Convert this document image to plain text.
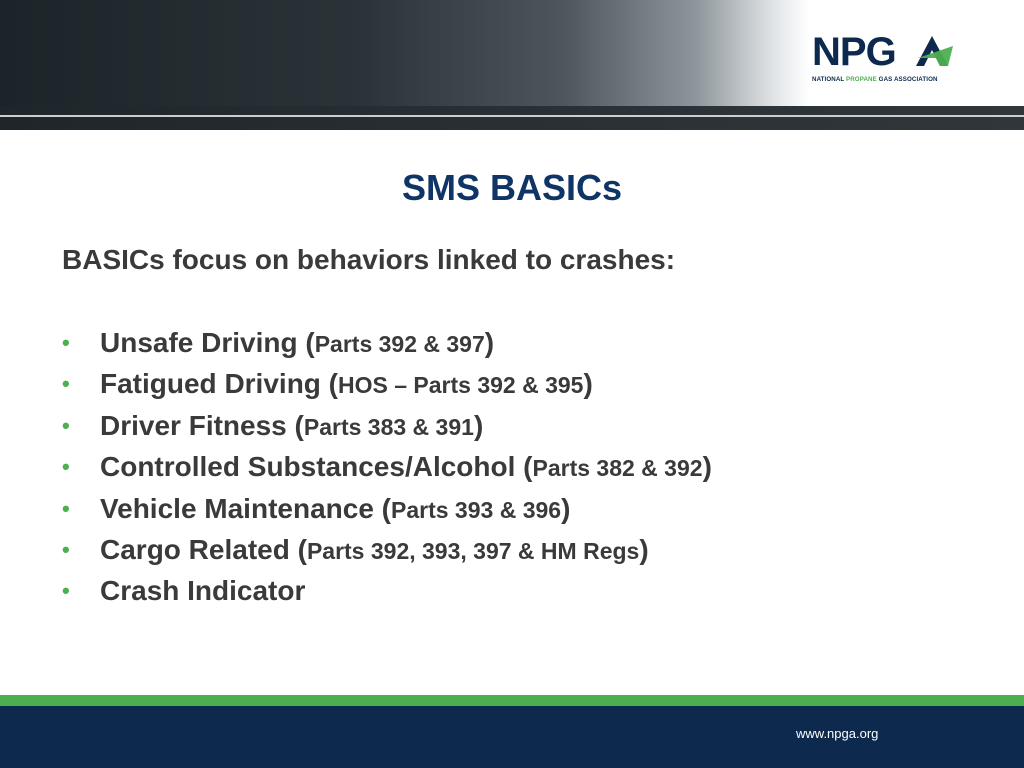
NPG
NATIONAL PROPANE GAS ASSOCIATION
SMS BASICs
BASICs focus on behaviors linked to crashes:
• Unsafe Driving (Parts 392 & 397)
• Fatigued Driving (HOS – Parts 392 & 395)
• Driver Fitness (Parts 383 & 391)
• Controlled Substances/Alcohol (Parts 382 & 392)
• Vehicle Maintenance (Parts 393 & 396)
• Cargo Related (Parts 392, 393, 397 & HM Regs)
• Crash Indicator
www.npga.org
